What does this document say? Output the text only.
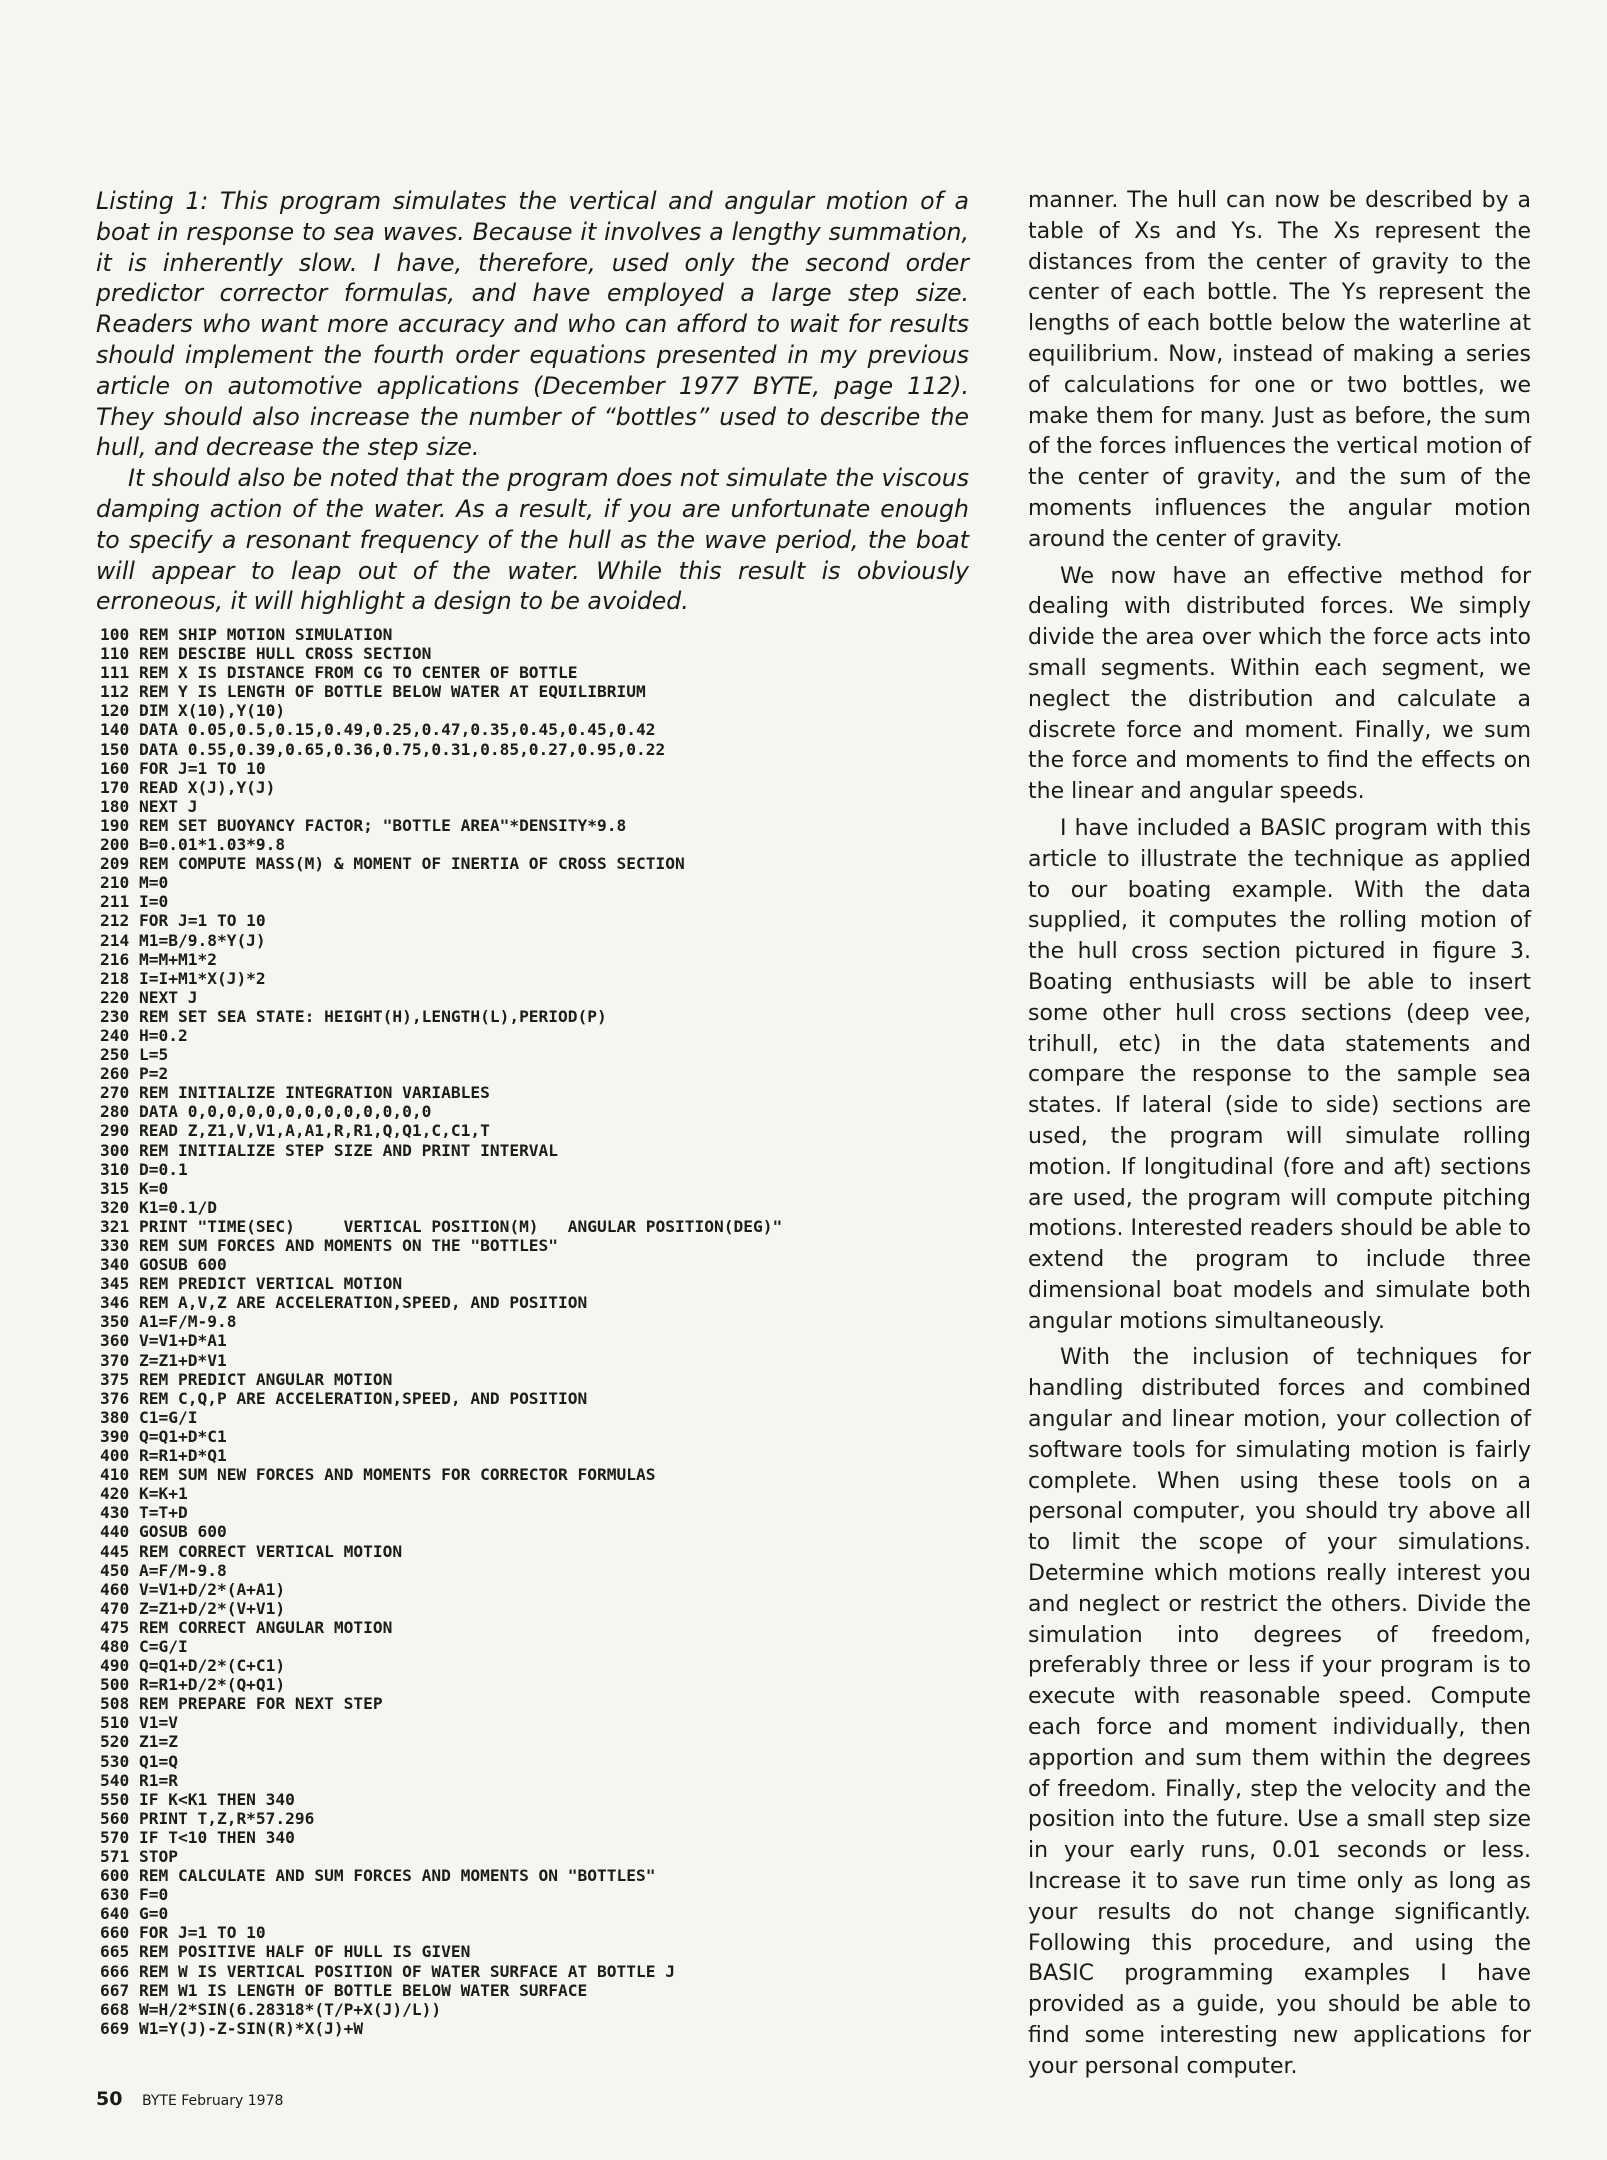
Listing 1: This program simulates the vertical and angular motion of a boat in response to sea waves. Because it involves a lengthy summation, it is inherently slow. I have, therefore, used only the second order predictor corrector formulas, and have employed a large step size. Readers who want more accuracy and who can afford to wait for results should implement the fourth order equations presented in my previous article on automotive applications (December 1977 BYTE, page 112). They should also increase the number of “bottles” used to describe the hull, and decrease the step size.

It should also be noted that the program does not simulate the viscous damping action of the water. As a result, if you are unfortunate enough to specify a resonant frequency of the hull as the wave period, the boat will appear to leap out of the water. While this result is obviously erroneous, it will highlight a design to be avoided.

100 REM SHIP MOTION SIMULATION
110 REM DESCIBE HULL CROSS SECTION
111 REM X IS DISTANCE FROM CG TO CENTER OF BOTTLE
112 REM Y IS LENGTH OF BOTTLE BELOW WATER AT EQUILIBRIUM
120 DIM X(10),Y(10)
140 DATA 0.05,0.5,0.15,0.49,0.25,0.47,0.35,0.45,0.45,0.42
150 DATA 0.55,0.39,0.65,0.36,0.75,0.31,0.85,0.27,0.95,0.22
160 FOR J=1 TO 10
170 READ X(J),Y(J)
180 NEXT J
190 REM SET BUOYANCY FACTOR; "BOTTLE AREA"*DENSITY*9.8
200 B=0.01*1.03*9.8
209 REM COMPUTE MASS(M) & MOMENT OF INERTIA OF CROSS SECTION
210 M=0
211 I=0
212 FOR J=1 TO 10
214 M1=B/9.8*Y(J)
216 M=M+M1*2
218 I=I+M1*X(J)*2
220 NEXT J
230 REM SET SEA STATE: HEIGHT(H),LENGTH(L),PERIOD(P)
240 H=0.2
250 L=5
260 P=2
270 REM INITIALIZE INTEGRATION VARIABLES
280 DATA 0,0,0,0,0,0,0,0,0,0,0,0,0
290 READ Z,Z1,V,V1,A,A1,R,R1,Q,Q1,C,C1,T
300 REM INITIALIZE STEP SIZE AND PRINT INTERVAL
310 D=0.1
315 K=0
320 K1=0.1/D
321 PRINT "TIME(SEC)     VERTICAL POSITION(M)   ANGULAR POSITION(DEG)"
330 REM SUM FORCES AND MOMENTS ON THE "BOTTLES"
340 GOSUB 600
345 REM PREDICT VERTICAL MOTION
346 REM A,V,Z ARE ACCELERATION,SPEED, AND POSITION
350 A1=F/M-9.8
360 V=V1+D*A1
370 Z=Z1+D*V1
375 REM PREDICT ANGULAR MOTION
376 REM C,Q,P ARE ACCELERATION,SPEED, AND POSITION
380 C1=G/I
390 Q=Q1+D*C1
400 R=R1+D*Q1
410 REM SUM NEW FORCES AND MOMENTS FOR CORRECTOR FORMULAS
420 K=K+1
430 T=T+D
440 GOSUB 600
445 REM CORRECT VERTICAL MOTION
450 A=F/M-9.8
460 V=V1+D/2*(A+A1)
470 Z=Z1+D/2*(V+V1)
475 REM CORRECT ANGULAR MOTION
480 C=G/I
490 Q=Q1+D/2*(C+C1)
500 R=R1+D/2*(Q+Q1)
508 REM PREPARE FOR NEXT STEP
510 V1=V
520 Z1=Z
530 Q1=Q
540 R1=R
550 IF K<K1 THEN 340
560 PRINT T,Z,R*57.296
570 IF T<10 THEN 340
571 STOP
600 REM CALCULATE AND SUM FORCES AND MOMENTS ON "BOTTLES"
630 F=0
640 G=0
660 FOR J=1 TO 10
665 REM POSITIVE HALF OF HULL IS GIVEN
666 REM W IS VERTICAL POSITION OF WATER SURFACE AT BOTTLE J
667 REM W1 IS LENGTH OF BOTTLE BELOW WATER SURFACE
668 W=H/2*SIN(6.28318*(T/P+X(J)/L))
669 W1=Y(J)-Z-SIN(R)*X(J)+W

manner. The hull can now be described by a table of Xs and Ys. The Xs represent the distances from the center of gravity to the center of each bottle. The Ys represent the lengths of each bottle below the waterline at equilibrium. Now, instead of making a series of calculations for one or two bottles, we make them for many. Just as before, the sum of the forces influences the vertical motion of the center of gravity, and the sum of the moments influences the angular motion around the center of gravity.

We now have an effective method for dealing with distributed forces. We simply divide the area over which the force acts into small segments. Within each segment, we neglect the distribution and calculate a discrete force and moment. Finally, we sum the force and moments to find the effects on the linear and angular speeds.

I have included a BASIC program with this article to illustrate the technique as applied to our boating example. With the data supplied, it computes the rolling motion of the hull cross section pictured in figure 3. Boating enthusiasts will be able to insert some other hull cross sections (deep vee, trihull, etc) in the data statements and compare the response to the sample sea states. If lateral (side to side) sections are used, the program will simulate rolling motion. If longitudinal (fore and aft) sections are used, the program will compute pitching motions. Interested readers should be able to extend the program to include three dimensional boat models and simulate both angular motions simultaneously.

With the inclusion of techniques for handling distributed forces and combined angular and linear motion, your collection of software tools for simulating motion is fairly complete. When using these tools on a personal computer, you should try above all to limit the scope of your simulations. Determine which motions really interest you and neglect or restrict the others. Divide the simulation into degrees of freedom, preferably three or less if your program is to execute with reasonable speed. Compute each force and moment individually, then apportion and sum them within the degrees of freedom. Finally, step the velocity and the position into the future. Use a small step size in your early runs, 0.01 seconds or less. Increase it to save run time only as long as your results do not change significantly. Following this procedure, and using the BASIC programming examples I have provided as a guide, you should be able to find some interesting new applications for your personal computer.

50 BYTE February 1978
